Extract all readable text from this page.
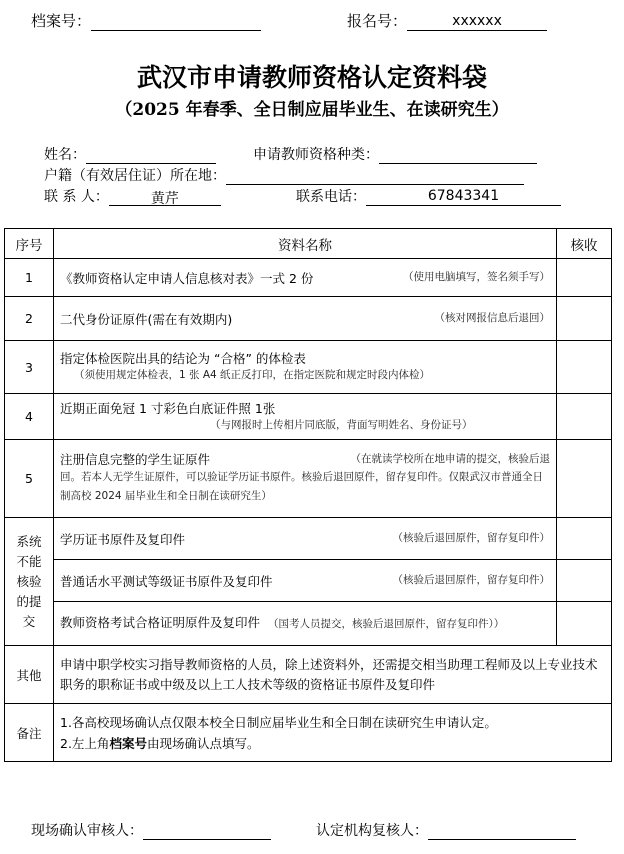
档案号：	报名号：	xxxxxx
武汉市申请教师资格认定资料袋
（2025 年春季、全日制应届毕业生、在读研究生）
姓名：	申请教师资格种类：
户籍（有效居住证）所在地：
联 系 人：	黄芹	联系电话：	67843341
序号	资料名称	核收
1	《教师资格认定申请人信息核对表》一式 2 份 （使用电脑填写，签名须手写）	

2	二代身份证原件(需在有效期内) （核对网报信息后退回）	

3	指定体检医院出具的结论为 “合格” 的体检表
（须使用规定体检表，1 张 A4 纸正反打印，在指定医院和规定时段内体检）	

4	近期正面免冠 1 寸彩色白底证件照 1张
（与网报时上传相片同底版，背面写明姓名、身份证号）	

5	注册信息完整的学生证原件 （在就读学校所在地申请的提交，核验后退
回。若本人无学生证原件，可以验证学历证书原件。核验后退回原件，留存复印件。仅限武汉市普通全日制高校 2024 届毕业生和全日制在读研究生）	

系统不能核验的提交	学历证书原件及复印件 （核验后退回原件，留存复印件）	

	普通话水平测试等级证书原件及复印件 （核验后退回原件，留存复印件）	

	教师资格考试合格证明原件及复印件 （国考人员提交，核验后退回原件，留存复印件））	
其他	申请中职学校实习指导教师资格的人员，除上述资料外，还需提交相当助理工程师及以上专业技术职务的职称证书或中级及以上工人技术等级的资格证书原件及复印件	
备注	1.各高校现场确认点仅限本校全日制应届毕业生和全日制在读研究生申请认定。
2.左上角档案号由现场确认点填写。	
现场确认审核人：	认定机构复核人：
